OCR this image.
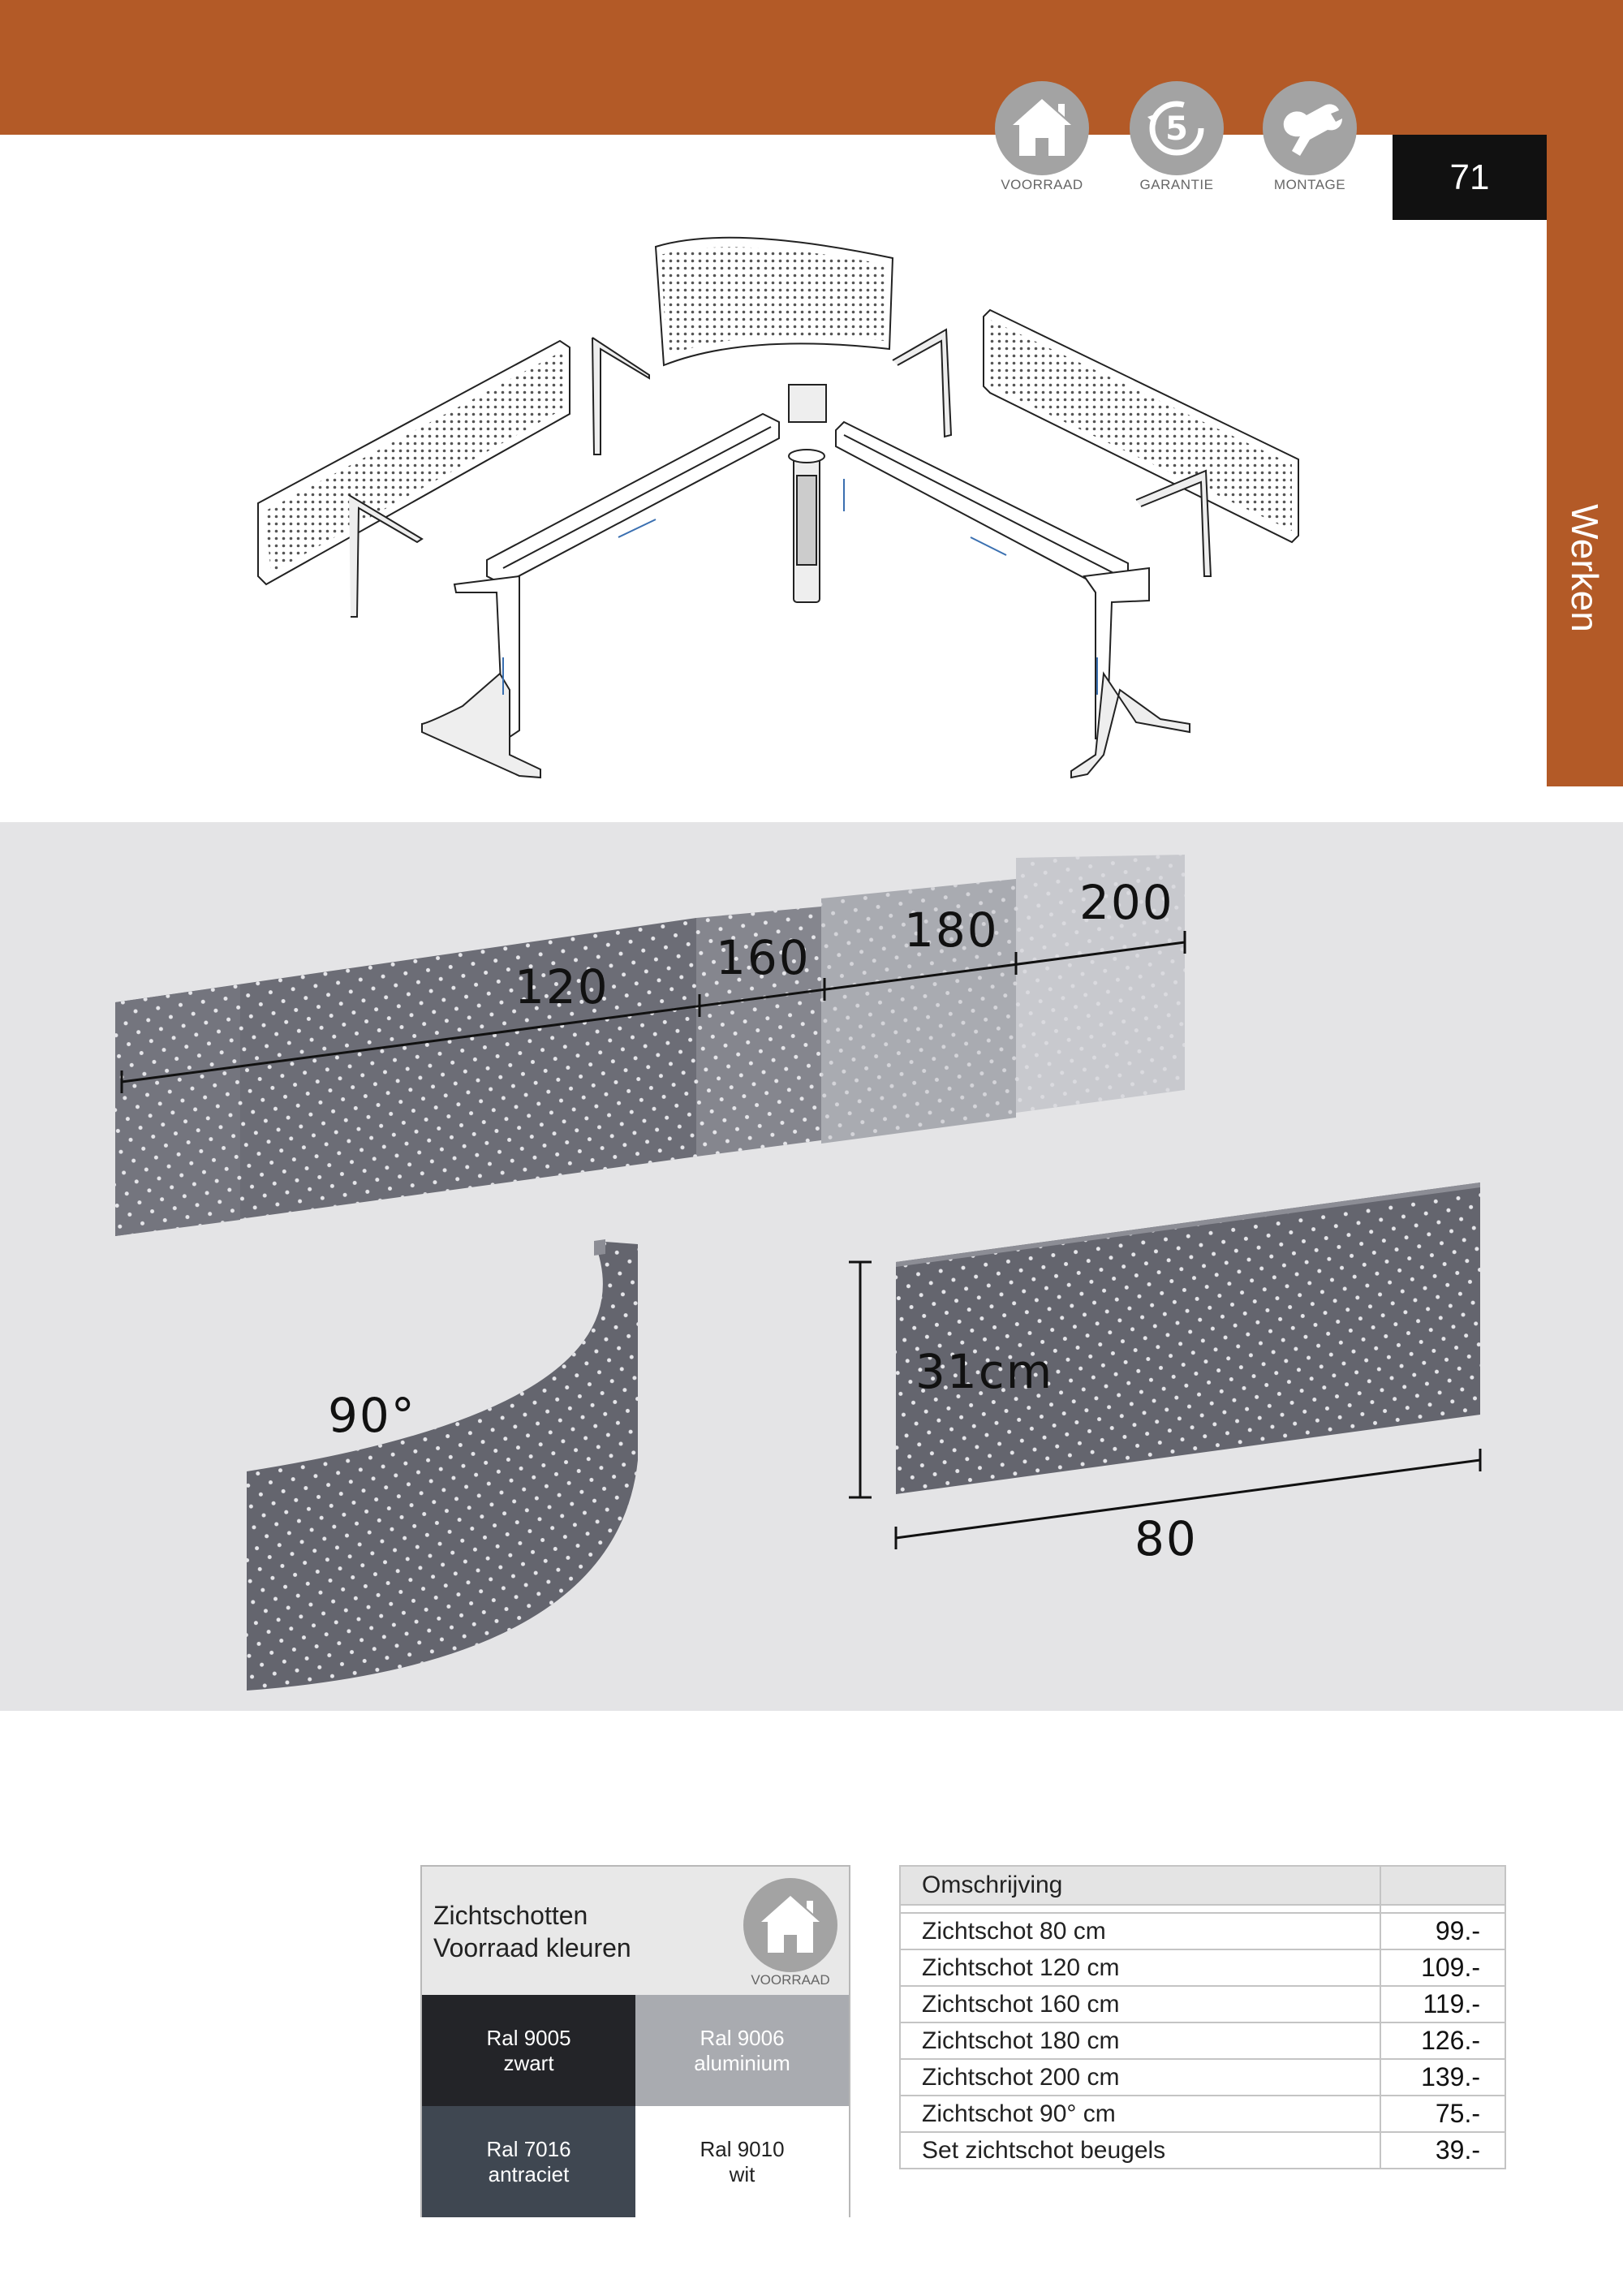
Werken
71
VOORRAAD
5
GARANTIE	MONTAGE
120
160 180 200
90°
31cm
80
Zichtschotten
Voorraad kleuren
VOORRAAD
Ral 9005
zwart
Ral 9006
aluminium
Ral 7016
antraciet
Ral 9010
wit
Omschrijving	

Zichtschot 80 cm	99.-
Zichtschot 120 cm	109.-
Zichtschot 160 cm	119.-
Zichtschot 180 cm	126.-
Zichtschot 200 cm	139.-
Zichtschot 90° cm	75.-
Set zichtschot beugels	39.-
